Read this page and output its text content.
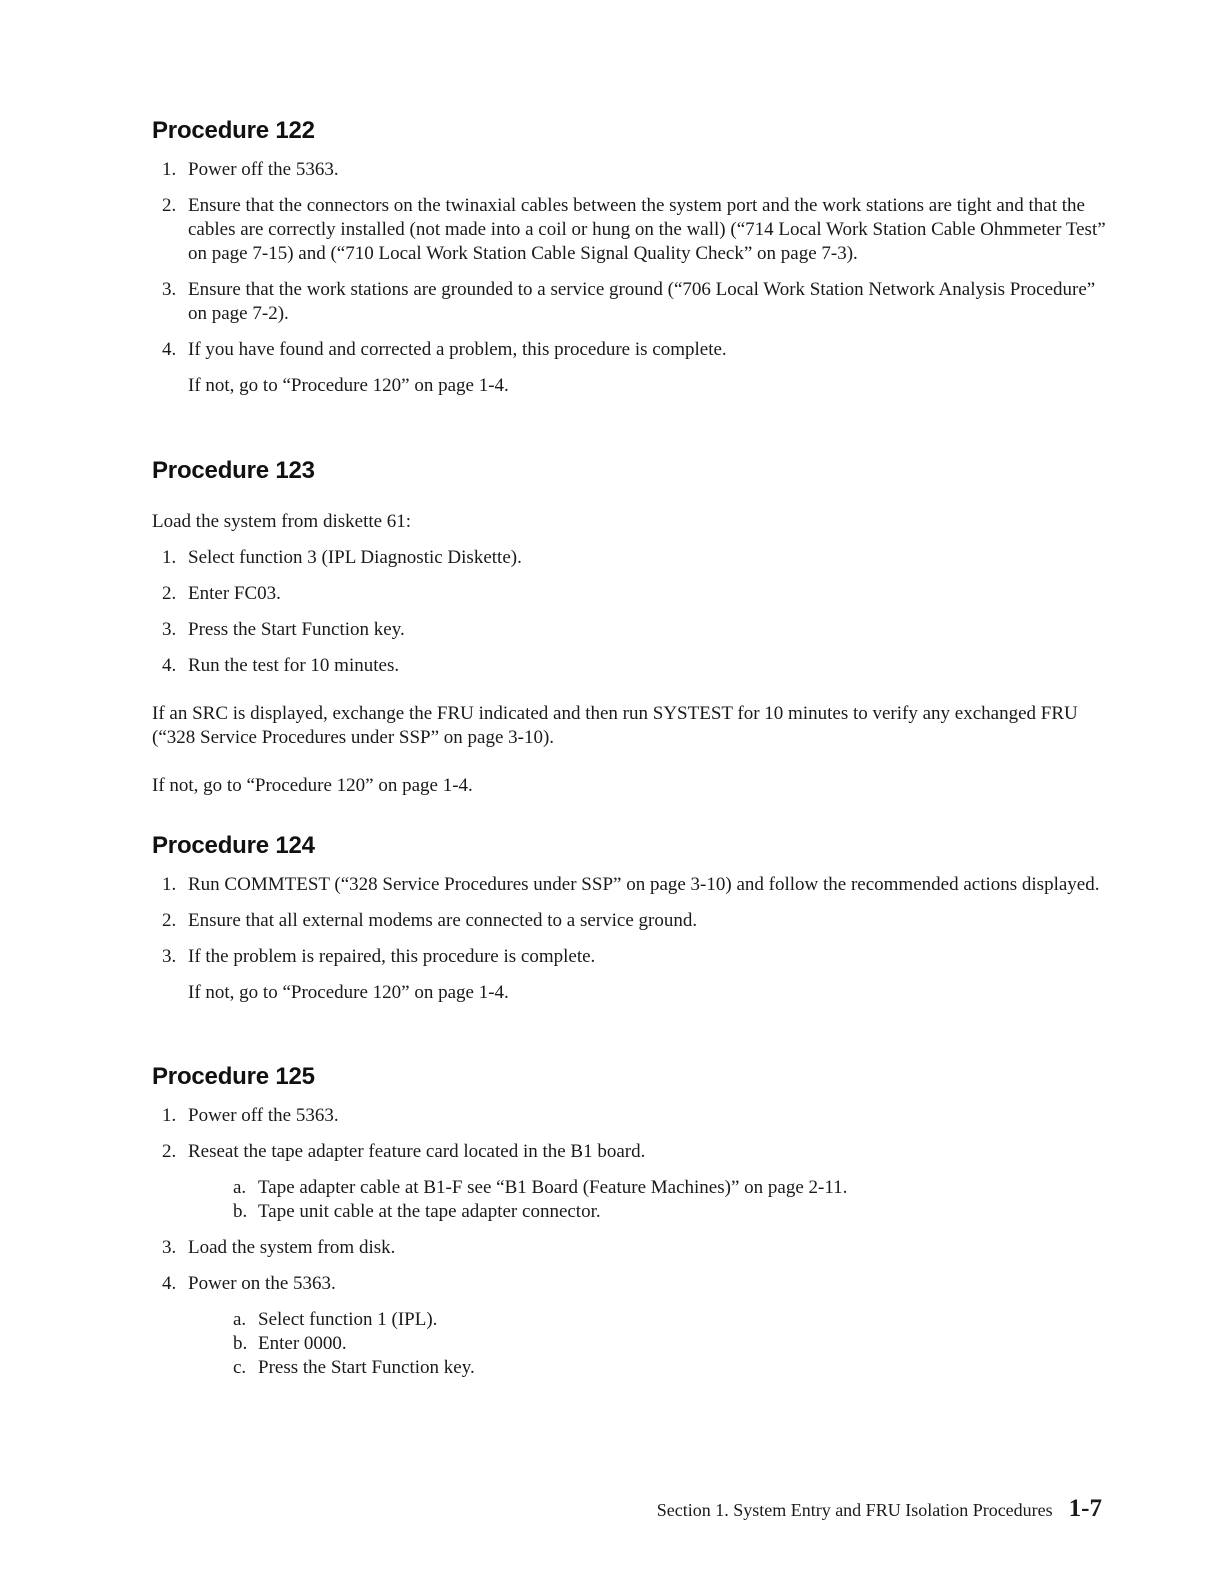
Procedure 122
1. Power off the 5363.
2. Ensure that the connectors on the twinaxial cables between the system port and the work stations are tight and that the cables are correctly installed (not made into a coil or hung on the wall) (“714 Local Work Station Cable Ohmmeter Test” on page 7-15) and (“710 Local Work Station Cable Signal Quality Check” on page 7-3).
3. Ensure that the work stations are grounded to a service ground (“706 Local Work Station Network Analysis Procedure” on page 7-2).
4. If you have found and corrected a problem, this procedure is complete.
If not, go to “Procedure 120” on page 1-4.
Procedure 123

Load the system from diskette 61:

1. Select function 3 (IPL Diagnostic Diskette).
2. Enter FC03.
3. Press the Start Function key.
4. Run the test for 10 minutes.

If an SRC is displayed, exchange the FRU indicated and then run SYSTEST for 10 minutes to verify any exchanged FRU (“328 Service Procedures under SSP” on page 3-10).

If not, go to “Procedure 120” on page 1-4.

Procedure 124
1. Run COMMTEST (“328 Service Procedures under SSP” on page 3-10) and follow the recommended actions displayed.
2. Ensure that all external modems are connected to a service ground.
3. If the problem is repaired, this procedure is complete.
If not, go to “Procedure 120” on page 1-4.
Procedure 125
1. Power off the 5363.
2. Reseat the tape adapter feature card located in the B1 board.
a. Tape adapter cable at B1-F see “B1 Board (Feature Machines)” on page 2-11.
b. Tape unit cable at the tape adapter connector.
3. Load the system from disk.
4. Power on the 5363.
a. Select function 1 (IPL).
b. Enter 0000.
c. Press the Start Function key.
Section 1. System Entry and FRU Isolation Procedures 1-7
